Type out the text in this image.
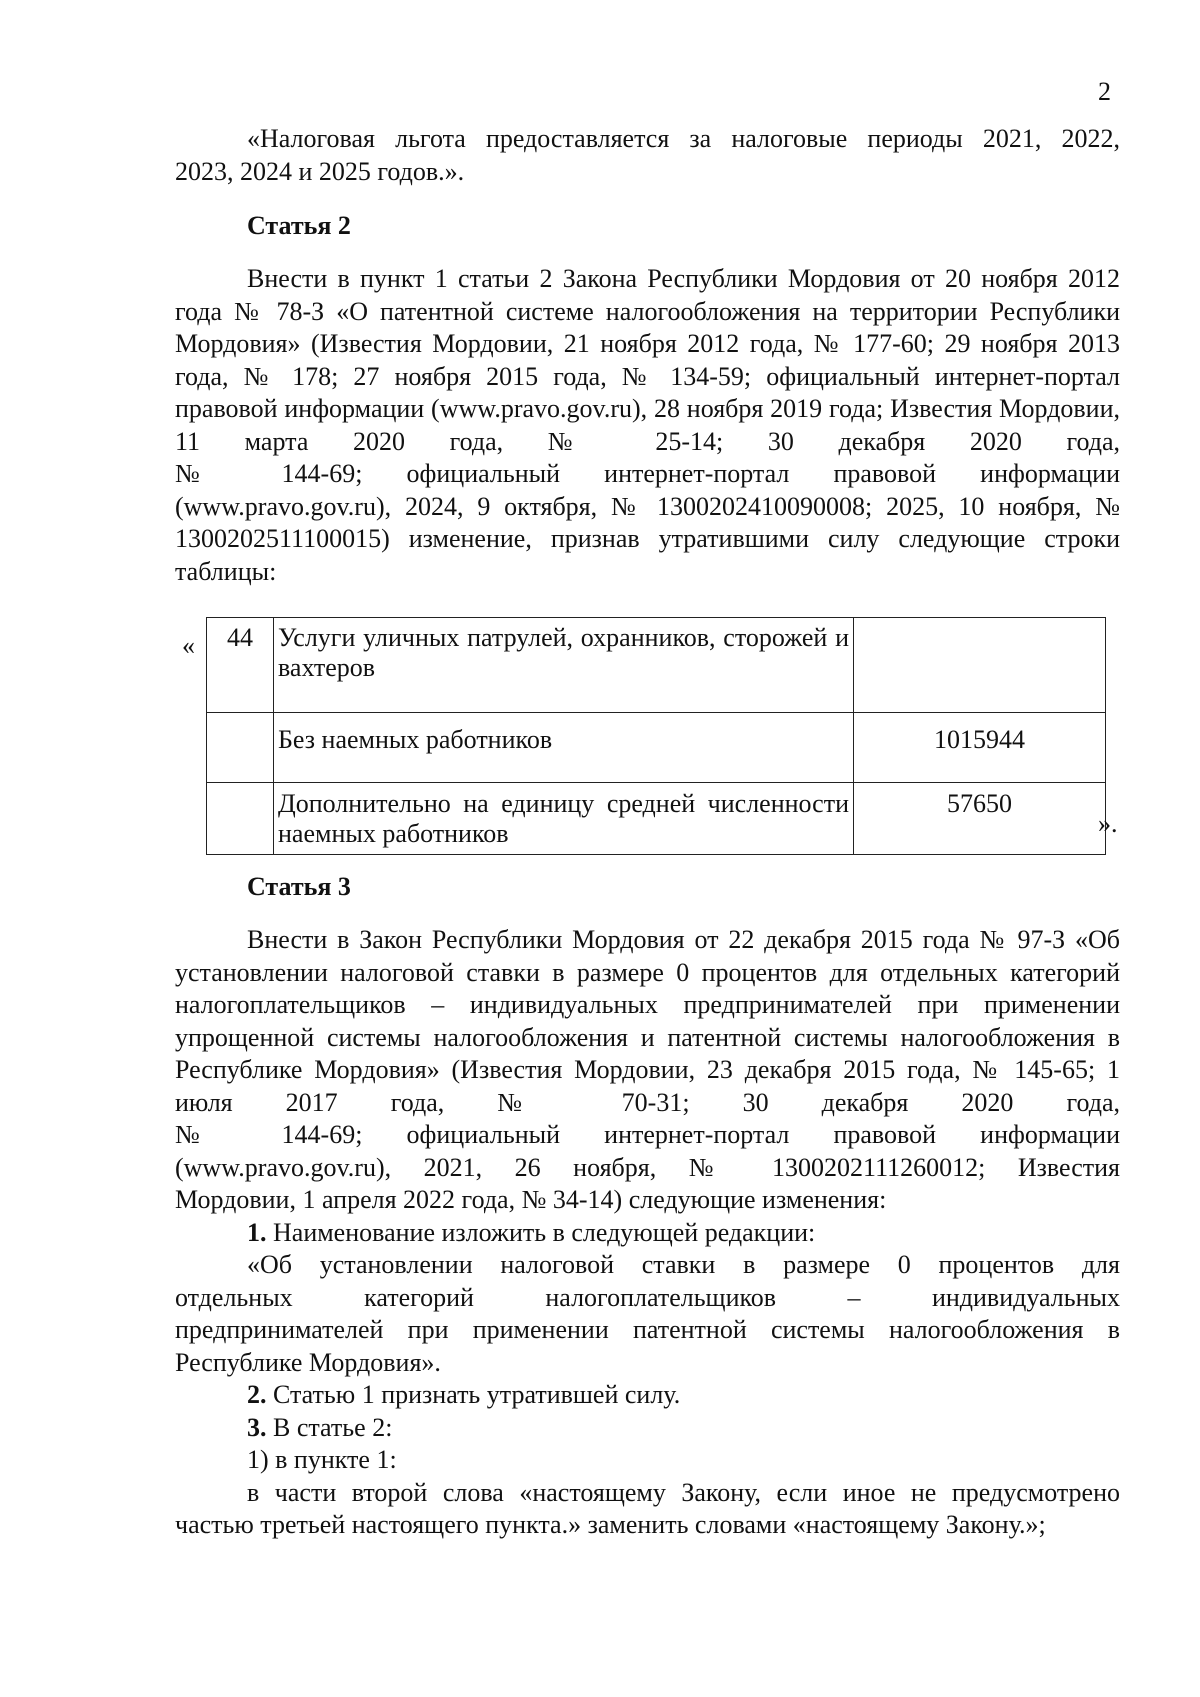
2

«Налоговая льгота предоставляется за налоговые периоды 2021, 2022,

2023, 2024 и 2025 годов.».

Статья 2

Внести в пункт 1 статьи 2 Закона Республики Мордовия от 20 ноября 2012 года № 78-З «О патентной системе налогообложения на территории Республики Мордовия» (Известия Мордовии, 21 ноября 2012 года, № 177-60; 29 ноября 2013 года, № 178; 27 ноября 2015 года, № 134-59; официальный интернет-портал правовой информации (www.pravo.gov.ru), 28 ноября 2019 года; Известия Мордовии, 11 марта 2020 года, № 25-14; 30 декабря 2020 года,

№ 144-69; официальный интернет-портал правовой информации

(www.pravo.gov.ru), 2024, 9 октября, № 1300202410090008; 2025, 10 ноября, № 1300202511100015) изменение, признав утратившими силу следующие строки таблицы:

« 44	Услуги уличных патрулей, охранников, сторожей и вахтеров	
	Без наемных работников	1015944
	Дополнительно на единицу средней численности наемных работников	57650
».

Статья 3

Внести в Закон Республики Мордовия от 22 декабря 2015 года № 97-З «Об установлении налоговой ставки в размере 0 процентов для отдельных категорий налогоплательщиков – индивидуальных предпринимателей при применении упрощенной системы налогообложения и патентной системы налогообложения в Республике Мордовия» (Известия Мордовии, 23 декабря 2015 года, № 145-65; 1 июля 2017 года, № 70-31; 30 декабря 2020 года,

№ 144-69; официальный интернет-портал правовой информации

(www.pravo.gov.ru), 2021, 26 ноября, № 1300202111260012; Известия

Мордовии, 1 апреля 2022 года, № 34-14) следующие изменения:

1. Наименование изложить в следующей редакции:

«Об установлении налоговой ставки в размере 0 процентов для

отдельных категорий налогоплательщиков – индивидуальных

предпринимателей при применении патентной системы налогообложения в Республике Мордовия».

2. Статью 1 признать утратившей силу.

3. В статье 2:

1) в пункте 1:

в части второй слова «настоящему Закону, если иное не предусмотрено частью третьей настоящего пункта.» заменить словами «настоящему Закону.»;
